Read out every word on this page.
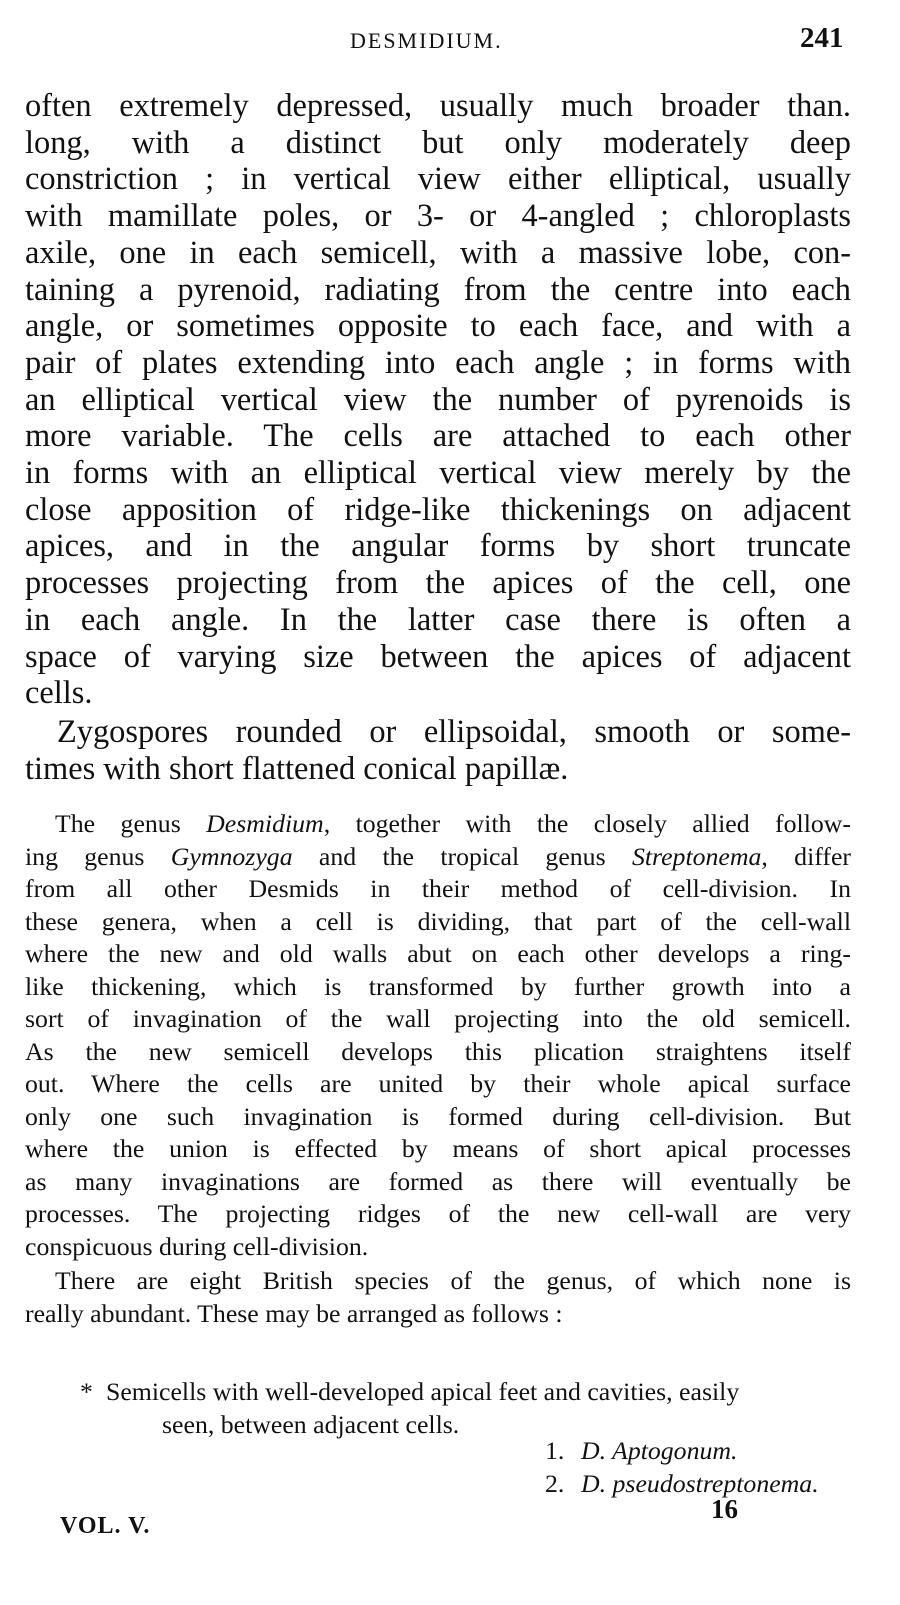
DESMIDIUM.	241
often extremely depressed, usually much broader than.
long, with a distinct but only moderately deep
constriction ; in vertical view either elliptical, usually
with mamillate poles, or 3- or 4-angled ; chloroplasts
axile, one in each semicell, with a massive lobe, con-
taining a pyrenoid, radiating from the centre into each
angle, or sometimes opposite to each face, and with a
pair of plates extending into each angle ; in forms with
an elliptical vertical view the number of pyrenoids is
more variable. The cells are attached to each other
in forms with an elliptical vertical view merely by the
close apposition of ridge-like thickenings on adjacent
apices, and in the angular forms by short truncate
processes projecting from the apices of the cell, one
in each angle. In the latter case there is often a
space of varying size between the apices of adjacent
cells.
Zygospores rounded or ellipsoidal, smooth or some-
times with short flattened conical papillæ.
The genus Desmidium, together with the closely allied follow-
ing genus Gymnozyga and the tropical genus Streptonema, differ
from all other Desmids in their method of cell-division. In
these genera, when a cell is dividing, that part of the cell-wall
where the new and old walls abut on each other develops a ring-
like thickening, which is transformed by further growth into a
sort of invagination of the wall projecting into the old semicell.
As the new semicell develops this plication straightens itself
out. Where the cells are united by their whole apical surface
only one such invagination is formed during cell-division. But
where the union is effected by means of short apical processes
as many invaginations are formed as there will eventually be
processes. The projecting ridges of the new cell-wall are very
conspicuous during cell-division.
There are eight British species of the genus, of which none is
really abundant. These may be arranged as follows :
* Semicells with well-developed apical feet and cavities, easily
seen, between adjacent cells.
1. D. Aptogonum.
2. D. pseudostreptonema.
VOL. V.
16
